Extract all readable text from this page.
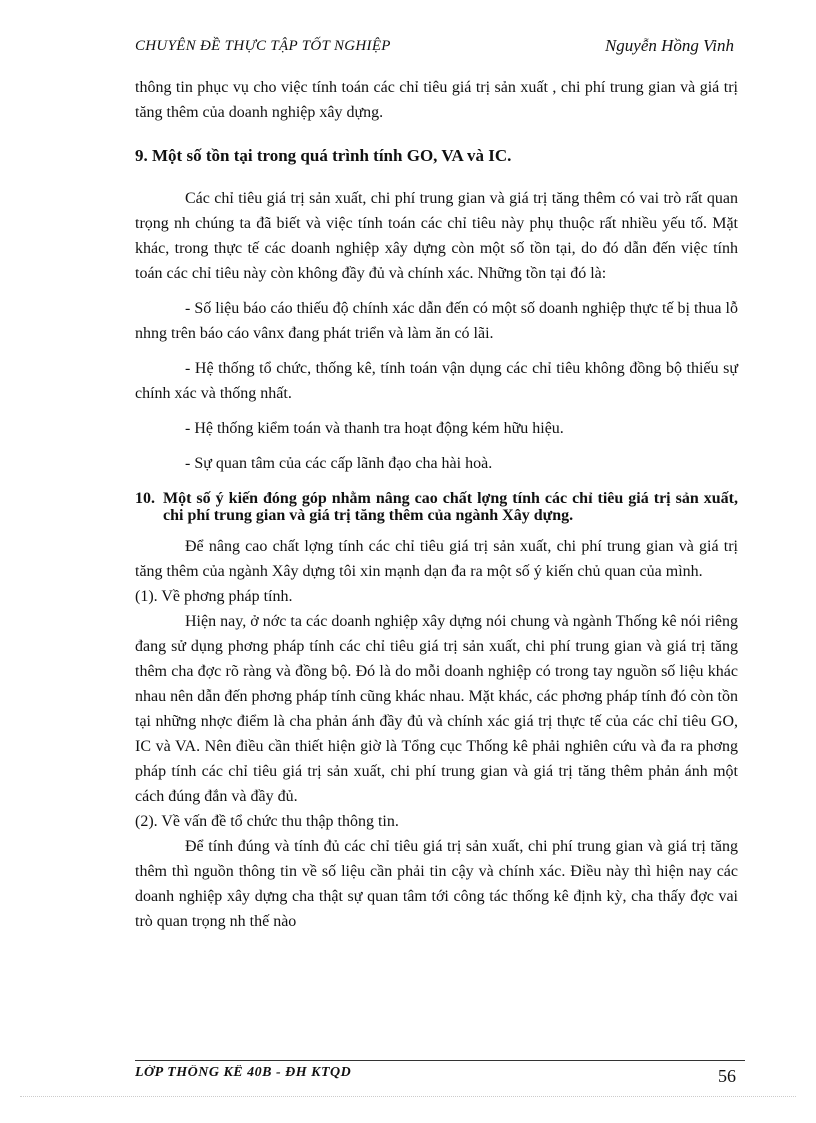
CHUYÊN ĐỀ THỰC TẬP TỐT NGHIỆP	Nguyễn Hồng Vinh

thông tin phục vụ cho việc tính toán các chỉ tiêu giá trị sản xuất , chi phí trung gian và giá trị tăng thêm của doanh nghiệp xây dựng.

9. Một số tồn tại trong quá trình tính GO, VA và IC.

Các chỉ tiêu giá trị sản xuất, chi phí trung gian và giá trị tăng thêm có vai trò rất quan trọng nh chúng ta đã biết và việc tính toán các chỉ tiêu này phụ thuộc rất nhiều yếu tố. Mặt khác, trong thực tế các doanh nghiệp xây dựng còn một số tồn tại, do đó dẫn đến việc tính toán các chỉ tiêu này còn không đầy đủ và chính xác. Những tồn tại đó là:

- Số liệu báo cáo thiếu độ chính xác dẫn đến có một số doanh nghiệp thực tế bị thua lỗ nhng trên báo cáo vânx đang phát triển và làm ăn có lãi.

- Hệ thống tổ chức, thống kê, tính toán vận dụng các chỉ tiêu không đồng bộ thiếu sự chính xác và thống nhất.

- Hệ thống kiểm toán và thanh tra hoạt động kém hữu hiệu.

- Sự quan tâm của các cấp lãnh đạo cha hài hoà.

10. Một số ý kiến đóng góp nhằm nâng cao chất lợng tính các chỉ tiêu giá trị sản xuất, chi phí trung gian và giá trị tăng thêm của ngành Xây dựng.

Để nâng cao chất lợng tính các chỉ tiêu giá trị sản xuất, chi phí trung gian và giá trị tăng thêm của ngành Xây dựng tôi xin mạnh dạn đa ra một số ý kiến chủ quan của mình.

(1). Về phơng pháp tính.

Hiện nay, ở nớc ta các doanh nghiệp xây dựng nói chung và ngành Thống kê nói riêng đang sử dụng phơng pháp tính các chỉ tiêu giá trị sản xuất, chi phí trung gian và giá trị tăng thêm cha đợc rõ ràng và đồng bộ. Đó là do mỗi doanh nghiệp có trong tay nguồn số liệu khác nhau nên dẫn đến phơng pháp tính cũng khác nhau. Mặt khác, các phơng pháp tính đó còn tồn tại những nhợc điểm là cha phản ánh đầy đủ và chính xác giá trị thực tế của các chỉ tiêu GO, IC và VA. Nên điều cần thiết hiện giờ là Tổng cục Thống kê phải nghiên cứu và đa ra phơng pháp tính các chỉ tiêu giá trị sản xuất, chi phí trung gian và giá trị tăng thêm phản ánh một cách đúng đắn và đầy đủ.

(2). Về vấn đề tổ chức thu thập thông tin.

Để tính đúng và tính đủ các chỉ tiêu giá trị sản xuất, chi phí trung gian và giá trị tăng thêm thì nguồn thông tin về số liệu cần phải tin cậy và chính xác. Điều này thì hiện nay các doanh nghiệp xây dựng cha thật sự quan tâm tới công tác thống kê định kỳ, cha thấy đợc vai trò quan trọng nh thế nào

LỚP THỐNG KÊ 40B - ĐH KTQD	56
